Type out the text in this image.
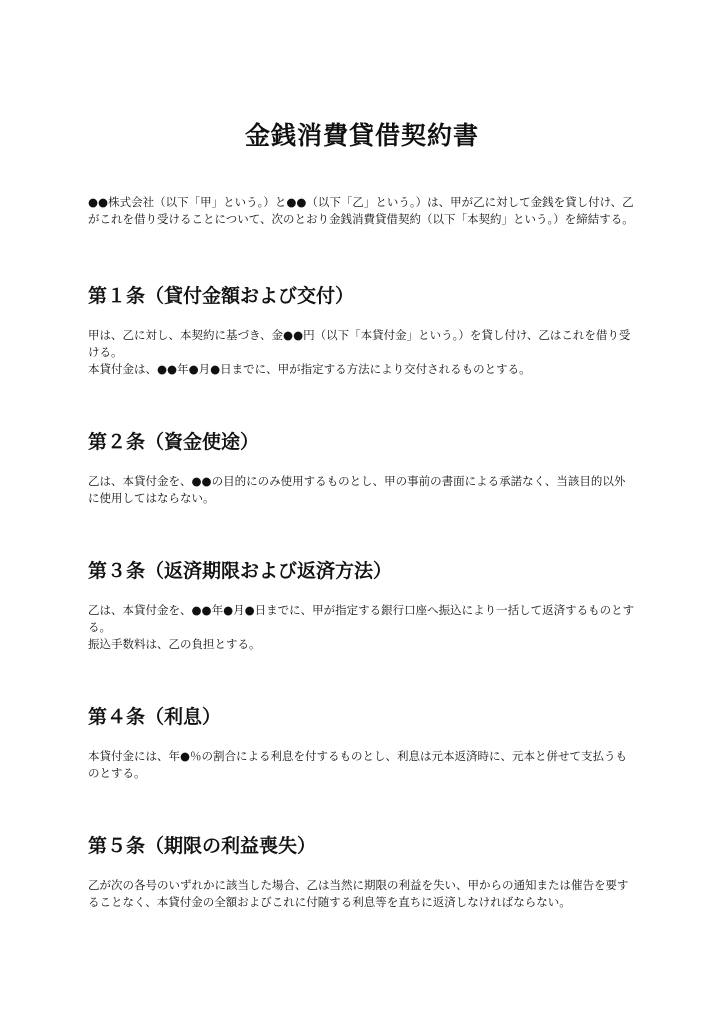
金銭消費貸借契約書

●●株式会社（以下「甲」という。）と●●（以下「乙」という。）は、甲が乙に対して金銭を貸し付け、乙がこれを借り受けることについて、次のとおり金銭消費貸借契約（以下「本契約」という。）を締結する。

第１条（貸付金額および交付）

甲は、乙に対し、本契約に基づき、金●●円（以下「本貸付金」という。）を貸し付け、乙はこれを借り受ける。

本貸付金は、●●年●月●日までに、甲が指定する方法により交付されるものとする。

第２条（資金使途）

乙は、本貸付金を、●●の目的にのみ使用するものとし、甲の事前の書面による承諾なく、当該目的以外に使用してはならない。

第３条（返済期限および返済方法）

乙は、本貸付金を、●●年●月●日までに、甲が指定する銀行口座へ振込により一括して返済するものとする。

振込手数料は、乙の負担とする。

第４条（利息）

本貸付金には、年●％の割合による利息を付するものとし、利息は元本返済時に、元本と併せて支払うものとする。

第５条（期限の利益喪失）

乙が次の各号のいずれかに該当した場合、乙は当然に期限の利益を失い、甲からの通知または催告を要することなく、本貸付金の全額およびこれに付随する利息等を直ちに返済しなければならない。
